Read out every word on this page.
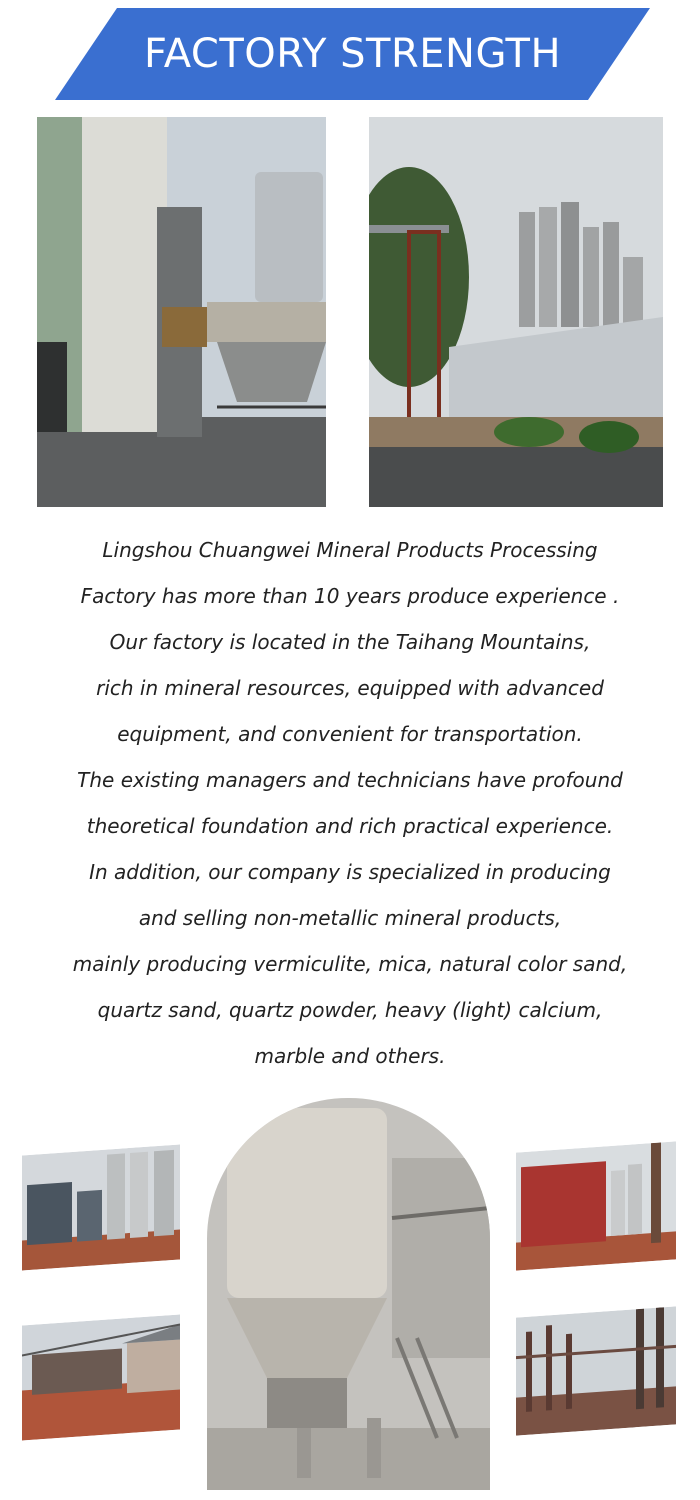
FACTORY STRENGTH
Lingshou Chuangwei Mineral Products Processing
Factory has more than 10 years produce experience .
Our factory is located in the Taihang Mountains,
rich in mineral resources, equipped with advanced
equipment, and convenient for transportation.
The existing managers and technicians have profound
theoretical foundation and rich practical experience.
In addition, our company is specialized in producing
and selling non-metallic mineral products,
mainly producing vermiculite, mica, natural color sand,
quartz sand, quartz powder, heavy (light) calcium,
marble and others.
